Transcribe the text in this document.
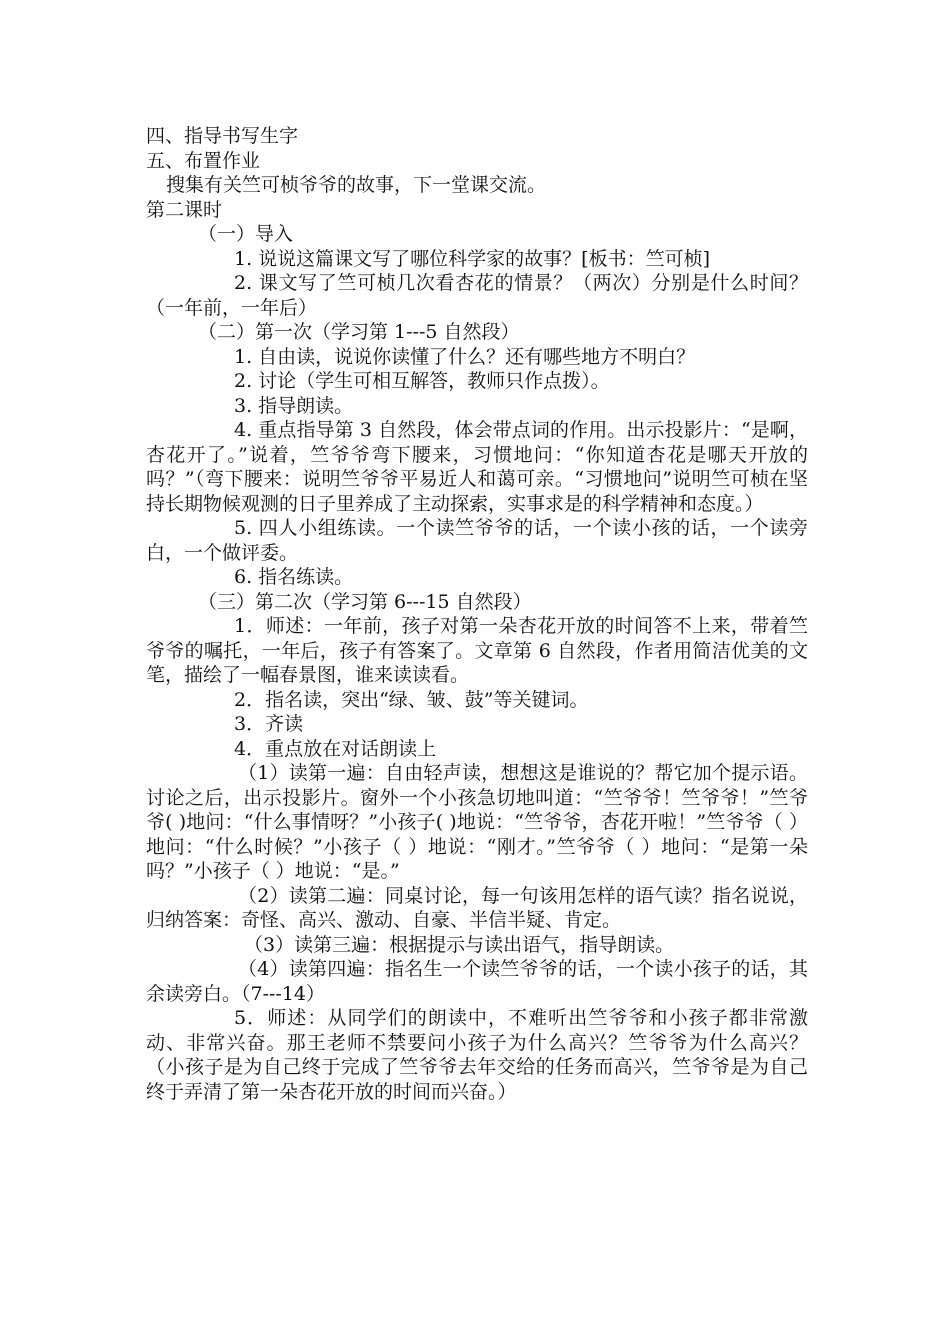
四、指导书写生字

五、布置作业

搜集有关竺可桢爷爷的故事，下一堂课交流。

第二课时

（一）导入

1. 说说这篇课文写了哪位科学家的故事？[板书：竺可桢]

2. 课文写了竺可桢几次看杏花的情景？（两次）分别是什么时间？（一年前，一年后）

（二）第一次（学习第 1---5 自然段）

1. 自由读，说说你读懂了什么？还有哪些地方不明白？

2. 讨论（学生可相互解答，教师只作点拨）。

3. 指导朗读。

4. 重点指导第 3 自然段，体会带点词的作用。出示投影片：“是啊，杏花开了。”说着，竺爷爷弯下腰来，习惯地问：“你知道杏花是哪天开放的吗？”（弯下腰来：说明竺爷爷平易近人和蔼可亲。“习惯地问”说明竺可桢在坚持长期物候观测的日子里养成了主动探索，实事求是的科学精神和态度。）

5. 四人小组练读。一个读竺爷爷的话，一个读小孩的话，一个读旁白，一个做评委。

6. 指名练读。

（三）第二次（学习第 6---15 自然段）

1．师述：一年前，孩子对第一朵杏花开放的时间答不上来，带着竺爷爷的嘱托，一年后，孩子有答案了。文章第 6 自然段，作者用简洁优美的文笔，描绘了一幅春景图，谁来读读看。

2．指名读，突出“绿、皱、鼓”等关键词。

3．齐读

4．重点放在对话朗读上

（1）读第一遍：自由轻声读，想想这是谁说的？帮它加个提示语。讨论之后，出示投影片。窗外一个小孩急切地叫道：“竺爷爷！竺爷爷！”竺爷爷( )地问：“什么事情呀？”小孩子( )地说：“竺爷爷，杏花开啦！”竺爷爷（ ）地问：“什么时候？”小孩子（ ）地说：“刚才。”竺爷爷（ ）地问：“是第一朵吗？”小孩子（ ）地说：“是。”

（2）读第二遍：同桌讨论，每一句该用怎样的语气读？指名说说，归纳答案：奇怪、高兴、激动、自豪、半信半疑、肯定。

（3）读第三遍：根据提示与读出语气，指导朗读。

（4）读第四遍：指名生一个读竺爷爷的话，一个读小孩子的话，其余读旁白。（7---14）

5．师述：从同学们的朗读中，不难听出竺爷爷和小孩子都非常激动、非常兴奋。那王老师不禁要问小孩子为什么高兴？竺爷爷为什么高兴？（小孩子是为自己终于完成了竺爷爷去年交给的任务而高兴，竺爷爷是为自己终于弄清了第一朵杏花开放的时间而兴奋。）
